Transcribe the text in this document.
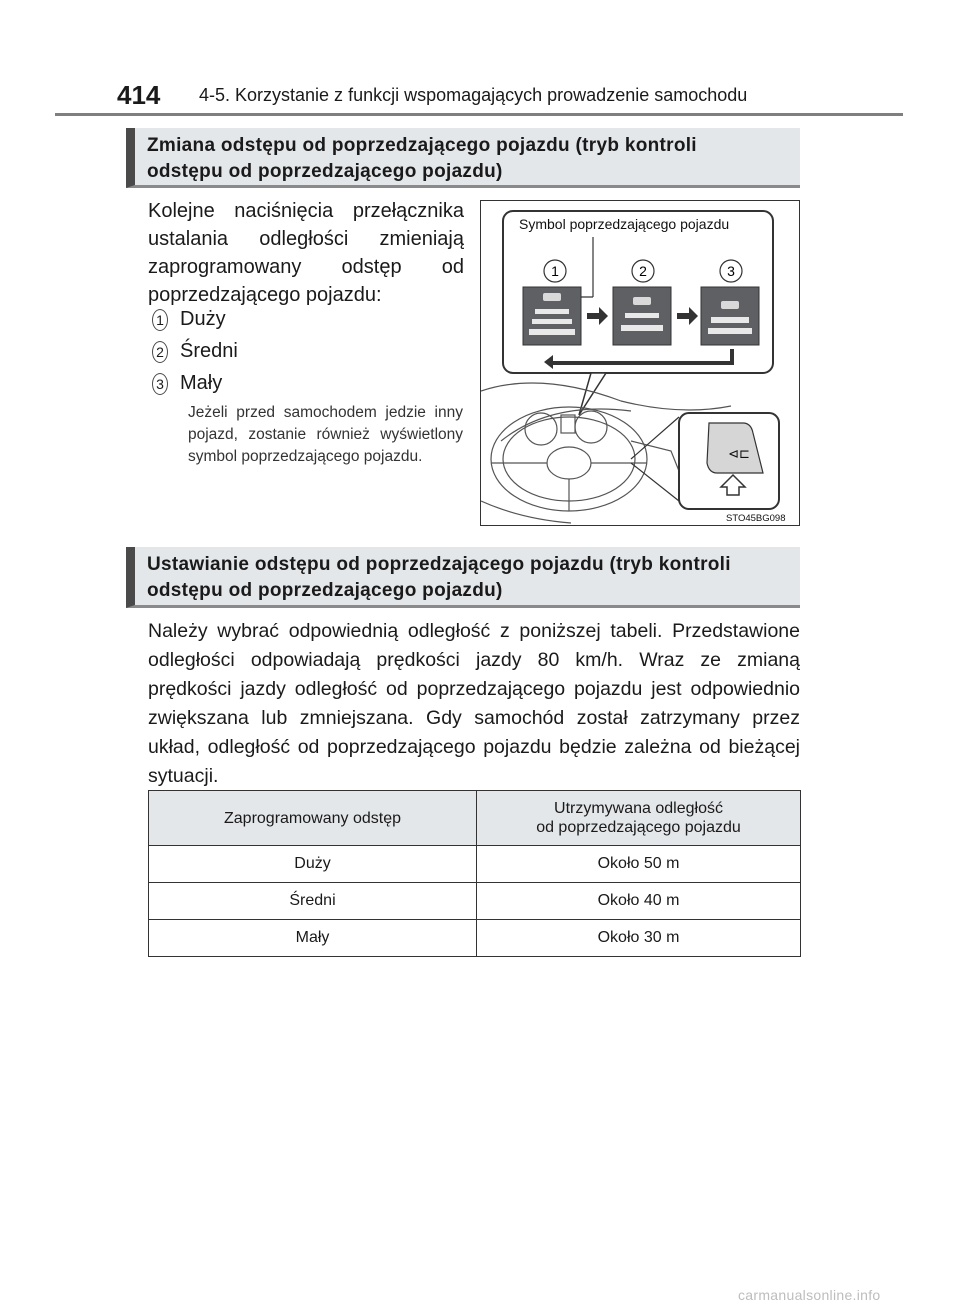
414 4-5. Korzystanie z funkcji wspomagających prowadzenie samochodu
Zmiana odstępu od poprzedzającego pojazdu (tryb kontroli
odstępu od poprzedzającego pojazdu)
Kolejne naciśnięcia przełącznika ustalania odległości zmieniają zaprogramowany odstęp od poprzedzającego pojazdu:
1 Duży
2 Średni
3 Mały
Jeżeli przed samochodem jedzie inny pojazd, zostanie również wyświetlony symbol poprzedzającego pojazdu.
Symbol poprzedzającego pojazdu
1	2	3
⊲⊏
STO45BG098
Ustawianie odstępu od poprzedzającego pojazdu (tryb kontroli
odstępu od poprzedzającego pojazdu)
Należy wybrać odpowiednią odległość z poniższej tabeli. Przedstawione odległości odpowiadają prędkości jazdy 80 km/h. Wraz ze zmianą prędkości jazdy odległość od poprzedzającego pojazdu jest odpowiednio zwiększana lub zmniejszana. Gdy samochód został zatrzymany przez układ, odległość od poprzedzającego pojazdu będzie zależna od bieżącej sytuacji.
Zaprogramowany odstęp	Utrzymywana odległość
od poprzedzającego pojazdu
Duży	Około 50 m
Średni	Około 40 m
Mały	Około 30 m
carmanualsonline.info
